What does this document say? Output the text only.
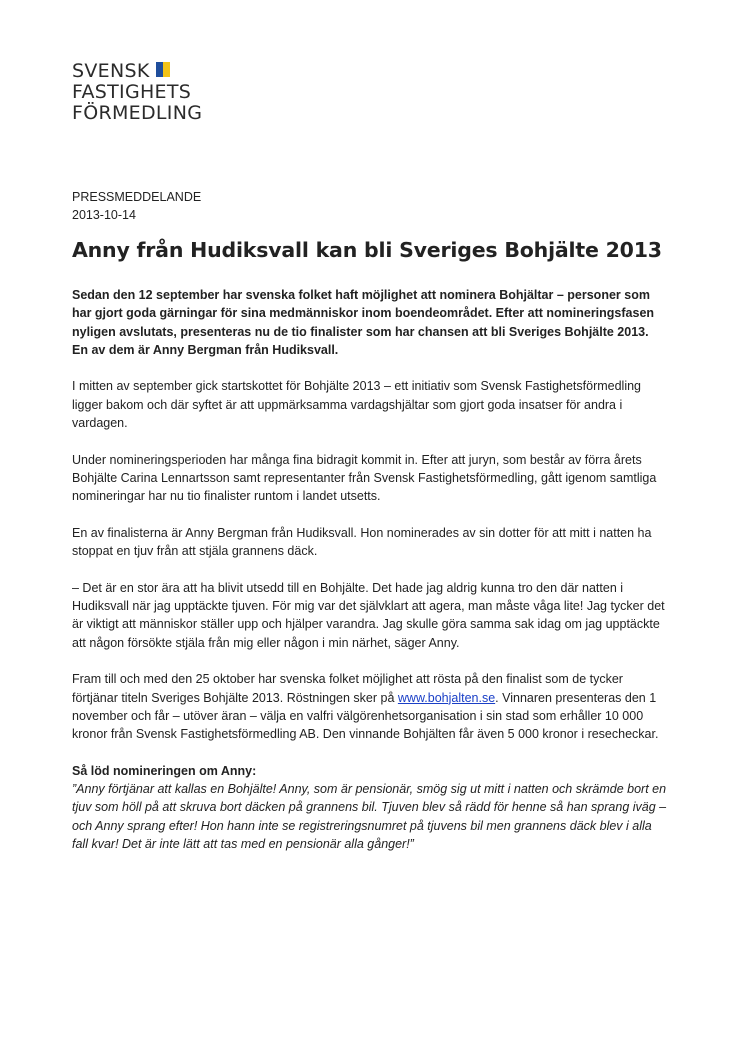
SVENSK
FASTIGHETS
FÖRMEDLING
PRESSMEDDELANDE
2013-10-14
Anny från Hudiksvall kan bli Sveriges Bohjälte 2013

Sedan den 12 september har svenska folket haft möjlighet att nominera Bohjältar – personer som har gjort goda gärningar för sina medmänniskor inom boendeområdet. Efter att nomineringsfasen nyligen avslutats, presenteras nu de tio finalister som har chansen att bli Sveriges Bohjälte 2013. En av dem är Anny Bergman från Hudiksvall.

I mitten av september gick startskottet för Bohjälte 2013 – ett initiativ som Svensk Fastighetsförmedling ligger bakom och där syftet är att uppmärksamma vardagshjältar som gjort goda insatser för andra i vardagen.

Under nomineringsperioden har många fina bidragit kommit in. Efter att juryn, som består av förra årets Bohjälte Carina Lennartsson samt representanter från Svensk Fastighetsförmedling, gått igenom samtliga nomineringar har nu tio finalister runtom i landet utsetts.

En av finalisterna är Anny Bergman från Hudiksvall. Hon nominerades av sin dotter för att mitt i natten ha stoppat en tjuv från att stjäla grannens däck.

– Det är en stor ära att ha blivit utsedd till en Bohjälte. Det hade jag aldrig kunna tro den där natten i Hudiksvall när jag upptäckte tjuven. För mig var det självklart att agera, man måste våga lite! Jag tycker det är viktigt att människor ställer upp och hjälper varandra. Jag skulle göra samma sak idag om jag upptäckte att någon försökte stjäla från mig eller någon i min närhet, säger Anny.

Fram till och med den 25 oktober har svenska folket möjlighet att rösta på den finalist som de tycker förtjänar titeln Sveriges Bohjälte 2013. Röstningen sker på www.bohjalten.se. Vinnaren presenteras den 1 november och får – utöver äran – välja en valfri välgörenhetsorganisation i sin stad som erhåller 10 000 kronor från Svensk Fastighetsförmedling AB. Den vinnande Bohjälten får även 5 000 kronor i resecheckar.

Så löd nomineringen om Anny:

”Anny förtjänar att kallas en Bohjälte! Anny, som är pensionär, smög sig ut mitt i natten och skrämde bort en tjuv som höll på att skruva bort däcken på grannens bil. Tjuven blev så rädd för henne så han sprang iväg – och Anny sprang efter! Hon hann inte se registreringsnumret på tjuvens bil men grannens däck blev i alla fall kvar! Det är inte lätt att tas med en pensionär alla gånger!”
